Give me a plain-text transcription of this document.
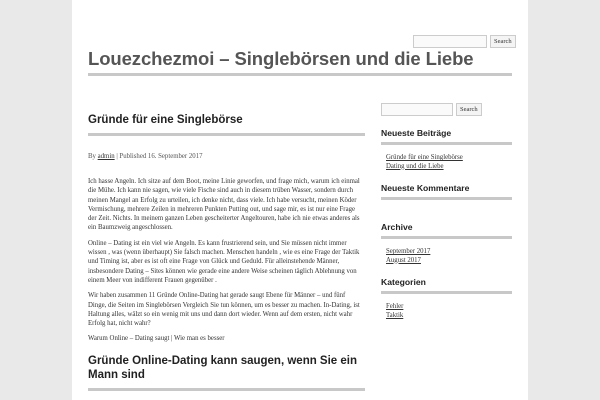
Search
Louezchezmoi – Singlebörsen und die Liebe
Gründe für eine Singlebörse
By admin | Published 16. September 2017

Ich hasse Angeln. Ich sitze auf dem Boot, meine Linie geworfen, und frage mich, warum ich einmal die Mühe. Ich kann nie sagen, wie viele Fische sind auch in diesem trüben Wasser, sondern durch meinen Mangel an Erfolg zu urteilen, ich denke nicht, dass viele. Ich habe versucht, meinen Köder Vermischung, mehrere Zeilen in mehreren Punkten Putting out, und sage mir, es ist nur eine Frage der Zeit. Nichts. In meinem ganzen Leben gescheiterter Angeltouren, habe ich nie etwas anderes als ein Baumzweig angeschlossen.

Online – Dating ist ein viel wie Angeln. Es kann frustrierend sein, und Sie müssen nicht immer wissen , was (wenn überhaupt) Sie falsch machen. Menschen handeln , wie es eine Frage der Taktik und Timing ist, aber es ist oft eine Frage von Glück und Geduld. Für alleinstehende Männer, insbesondere Dating – Sites können wie gerade eine andere Weise scheinen täglich Ablehnung von einem Meer von indifferent Frauen gegenüber .

Wir haben zusammen 11 Gründe Online-Dating hat gerade saugt Ebene für Männer – und fünf Dinge, die Seiten im Singlebörsen Vergleich Sie tun können, um es besser zu machen. In-Dating, ist Haltung alles, wälzt so ein wenig mit uns und dann dort wieder. Wenn auf dem ersten, nicht wahr Erfolg hat, nicht wahr?

Warum Online – Dating saugt | Wie man es besser

Gründe Online-Dating kann saugen, wenn Sie ein Mann sind
Search
Neueste Beiträge
Gründe für eine Singlebörse
Dating und die Liebe
Neueste Kommentare
Archive
September 2017
August 2017
Kategorien
Fehler
Taktik
